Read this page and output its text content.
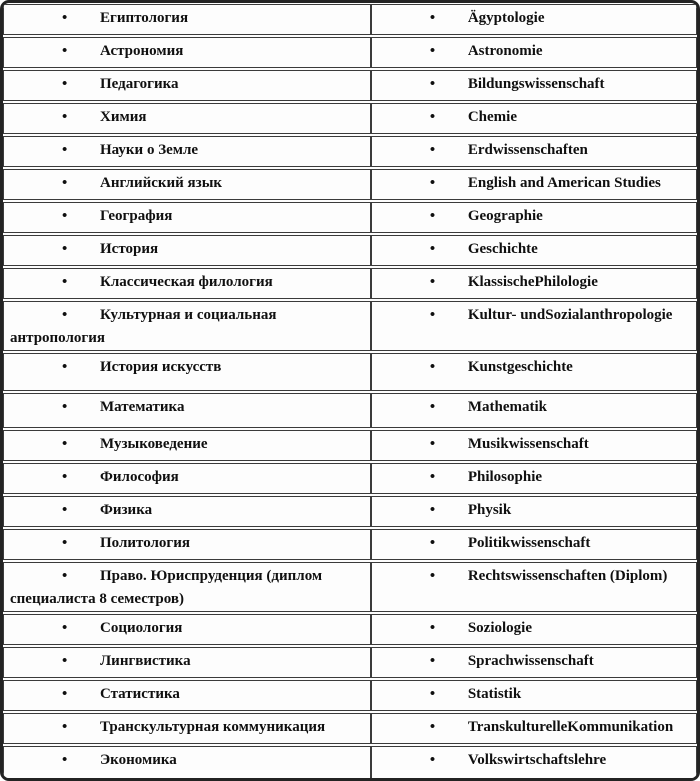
• Египтология	• Ägyptologie
• Астрономия	• Astronomie
• Педагогика	• Bildungswissenschaft
• Химия	• Chemie
• Науки о Земле	• Erdwissenschaften
• Английский язык	• English and American Studies
• География	• Geographie
• История	• Geschichte
• Классическая филология	• KlassischePhilologie
• Культурная и социальная антропология	• Kultur- undSozialanthropologie
• История искусств	• Kunstgeschichte
• Математика	• Mathematik
• Музыковедение	• Musikwissenschaft
• Философия	• Philosophie
• Физика	• Physik
• Политология	• Politikwissenschaft
• Право. Юриспруденция (диплом специалиста 8 семестров)	• Rechtswissenschaften (Diplom)
• Социология	• Soziologie
• Лингвистика	• Sprachwissenschaft
• Статистика	• Statistik
• Транскультурная коммуникация	• TranskulturelleKommunikation
• Экономика	• Volkswirtschaftslehre
